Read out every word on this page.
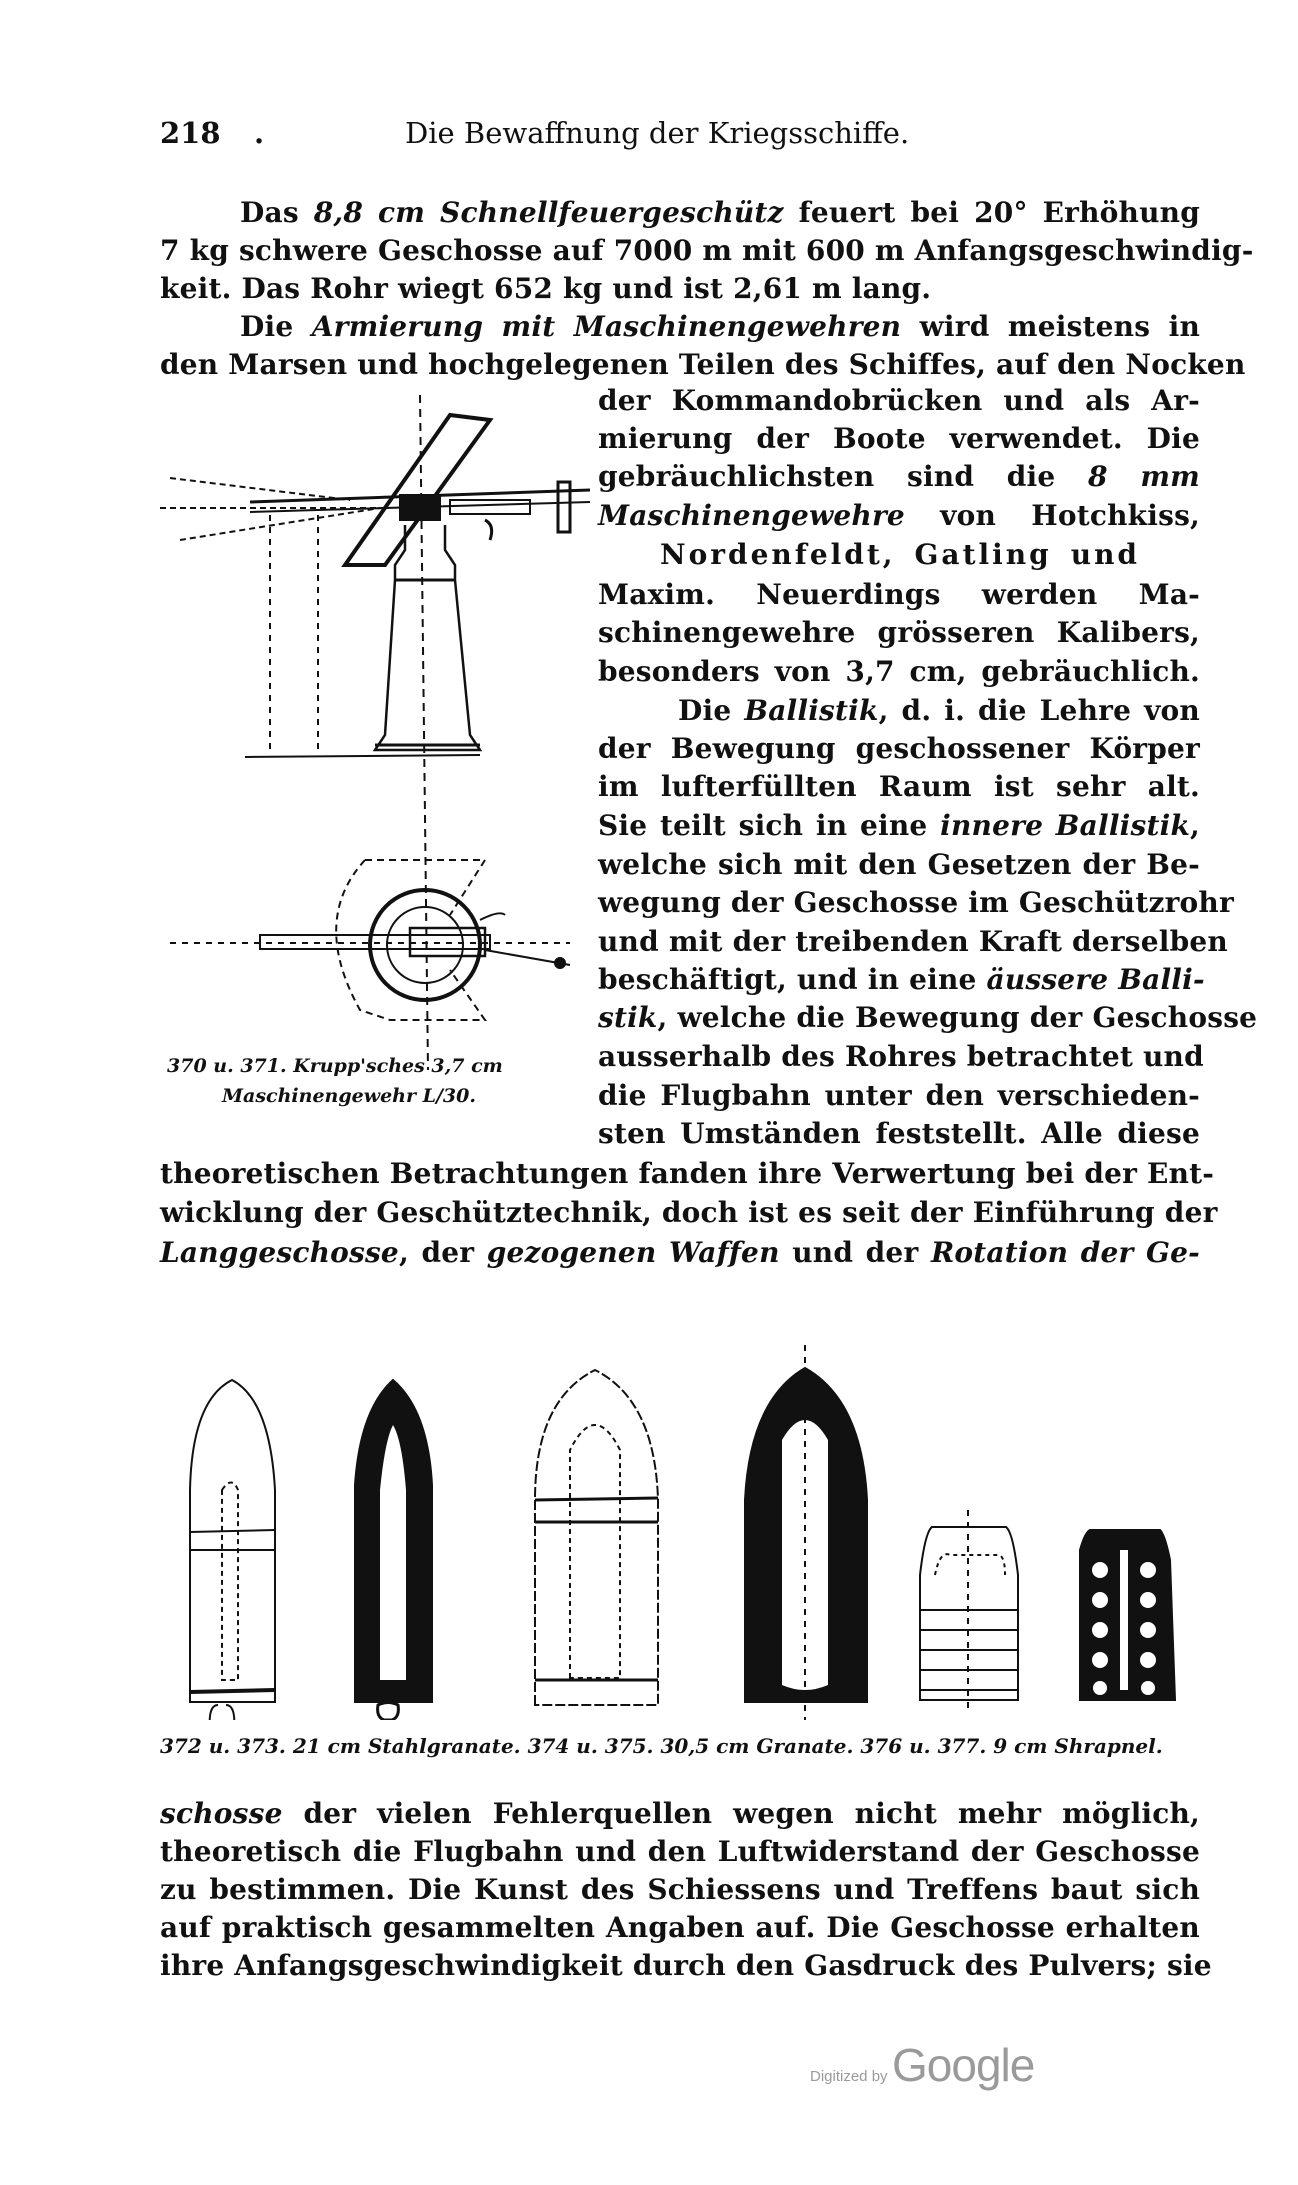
218 .	Die Bewaffnung der Kriegsschiffe.
Das 8,8 cm Schnellfeuergeschütz feuert bei 20° Erhöhung
7 kg schwere Geschosse auf 7000 m mit 600 m Anfangsgeschwindig-
keit. Das Rohr wiegt 652 kg und ist 2,61 m lang.
Die Armierung mit Maschinengewehren wird meistens in
den Marsen und hochgelegenen Teilen des Schiffes, auf den Nocken
der Kommandobrücken und als Ar-
mierung der Boote verwendet. Die
gebräuchlichsten sind die 8 mm
Maschinengewehre von Hotchkiss,
Nordenfeldt, Gatling und
Maxim. Neuerdings werden Ma-
schinengewehre grösseren Kalibers,
besonders von 3,7 cm, gebräuchlich.
Die Ballistik, d. i. die Lehre von
der Bewegung geschossener Körper
im lufterfüllten Raum ist sehr alt.
Sie teilt sich in eine innere Ballistik,
welche sich mit den Gesetzen der Be-
wegung der Geschosse im Geschützrohr
und mit der treibenden Kraft derselben
beschäftigt, und in eine äussere Balli-
stik, welche die Bewegung der Geschosse
ausserhalb des Rohres betrachtet und
die Flugbahn unter den verschieden-
sten Umständen feststellt. Alle diese
theoretischen Betrachtungen fanden ihre Verwertung bei der Ent-
wicklung der Geschütztechnik, doch ist es seit der Einführung der
Langgeschosse, der gezogenen Waffen und der Rotation der Ge-
370 u. 371. Krupp'sches 3,7 cm
Maschinengewehr L/30.
372 u. 373. 21 cm Stahlgranate. 374 u. 375. 30,5 cm Granate. 376 u. 377. 9 cm Shrapnel.
schosse der vielen Fehlerquellen wegen nicht mehr möglich,
theoretisch die Flugbahn und den Luftwiderstand der Geschosse
zu bestimmen. Die Kunst des Schiessens und Treffens baut sich
auf praktisch gesammelten Angaben auf. Die Geschosse erhalten
ihre Anfangsgeschwindigkeit durch den Gasdruck des Pulvers; sie
Digitized by Google
